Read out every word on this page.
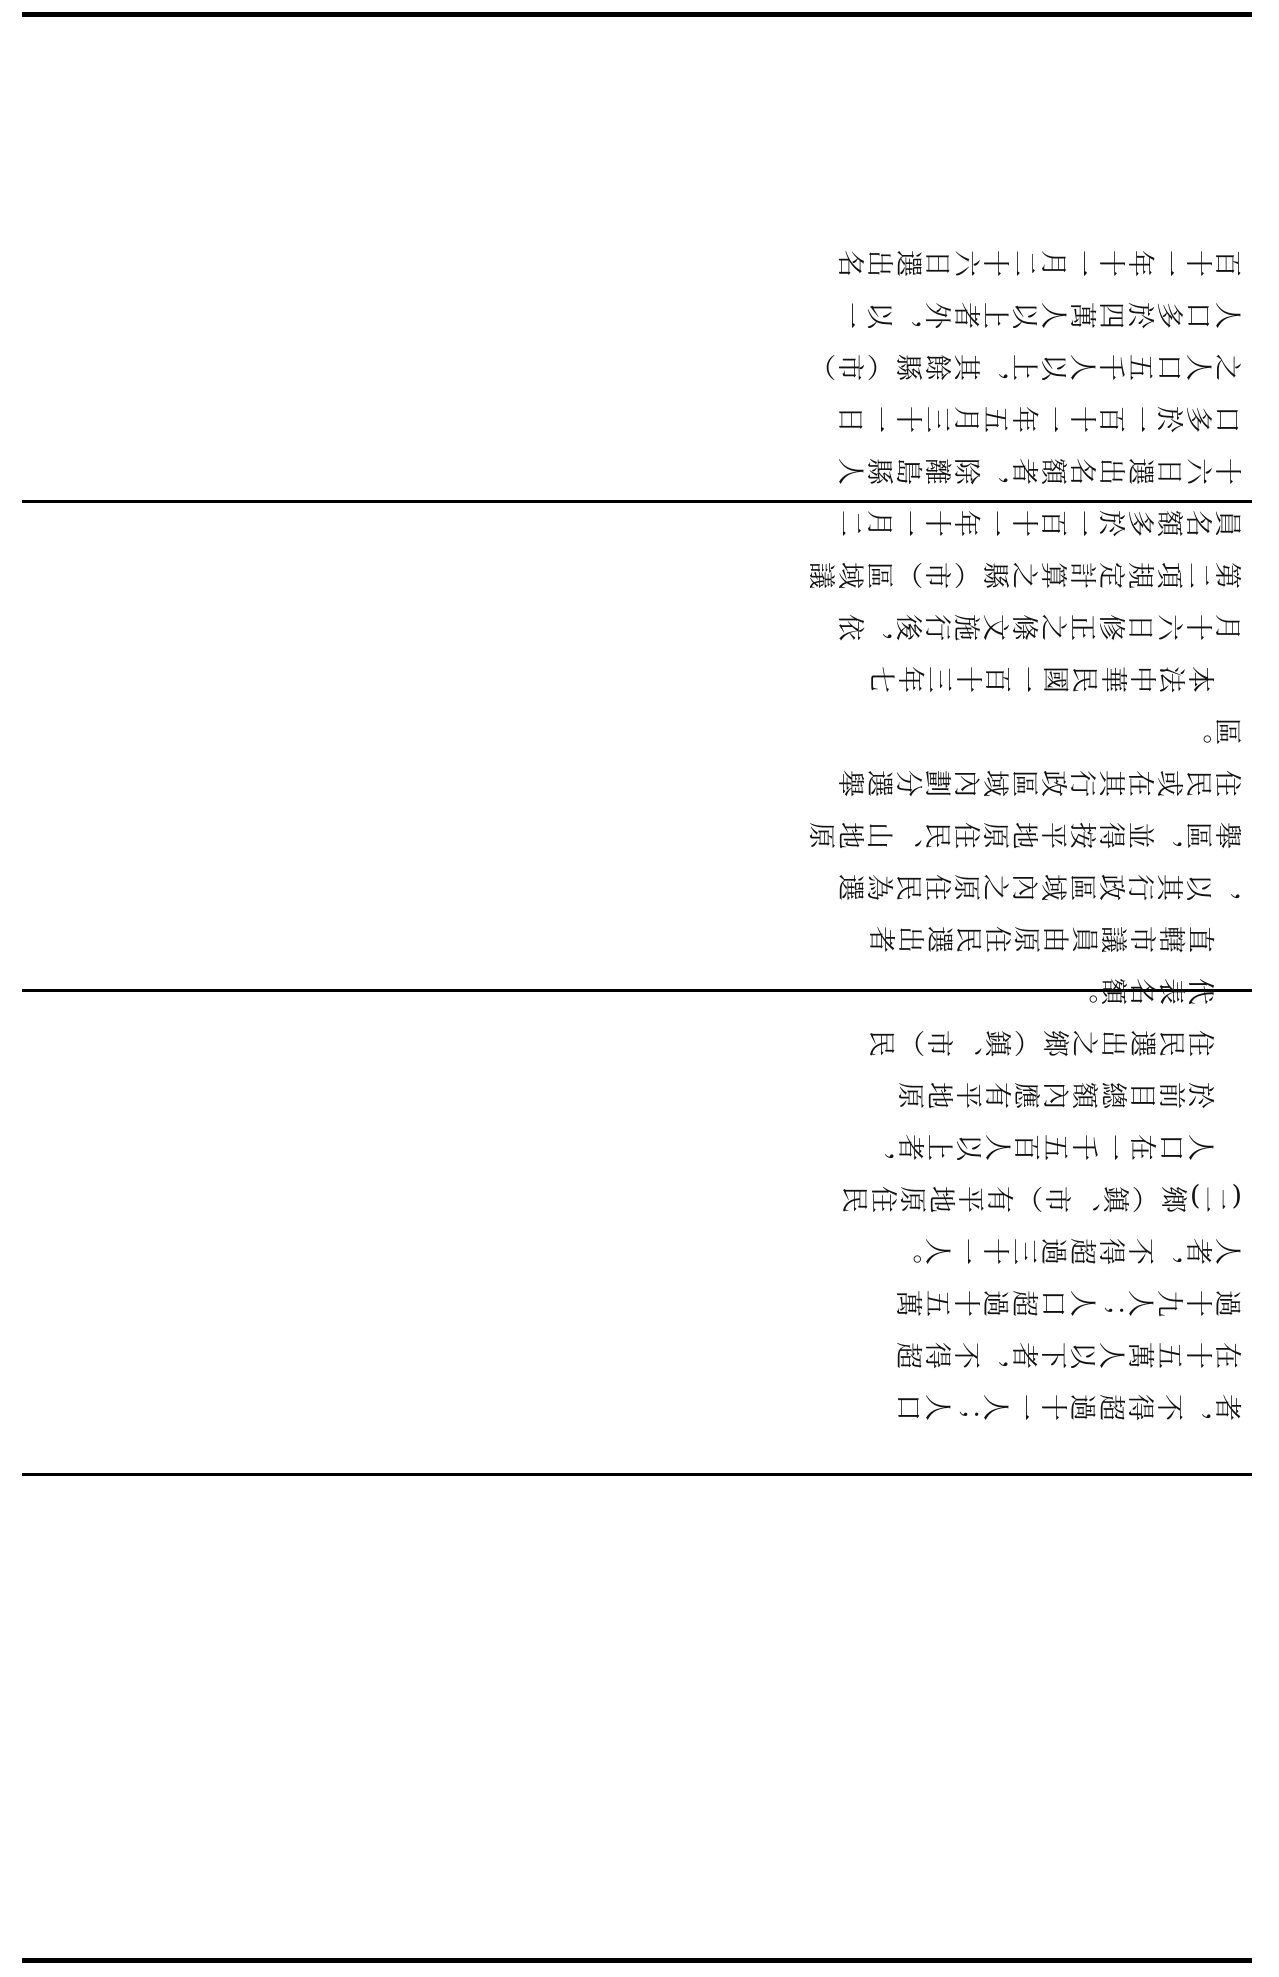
者，不得超過十一人；人口
在十五萬人以下者，不得超
過十九人；人口超過十五萬
人者，不得超過三十一人。
(二)鄉（鎮、市）有平地原住民
人口在一千五百人以上者，
於前目總額內應有平地原
住民選出之鄉（鎮、市）民
代表名額。
直轄市議員由原住民選出者
，以其行政區域內之原住民為選
舉區，並得按平地原住民、山地原
住民或在其行政區域內劃分選舉
區。
本法中華民國一百十三年七
月十六日修正之條文施行後，依
第二項規定計算之縣（市）區域議
員名額多於一百十一年十一月二
十六日選出名額者，除離島縣人
口多於一百十一年五月三十一日
之人口五千人以上，其餘縣（市）
人口多於四萬人以上者外，以一
百十一年十一月二十六日選出名
